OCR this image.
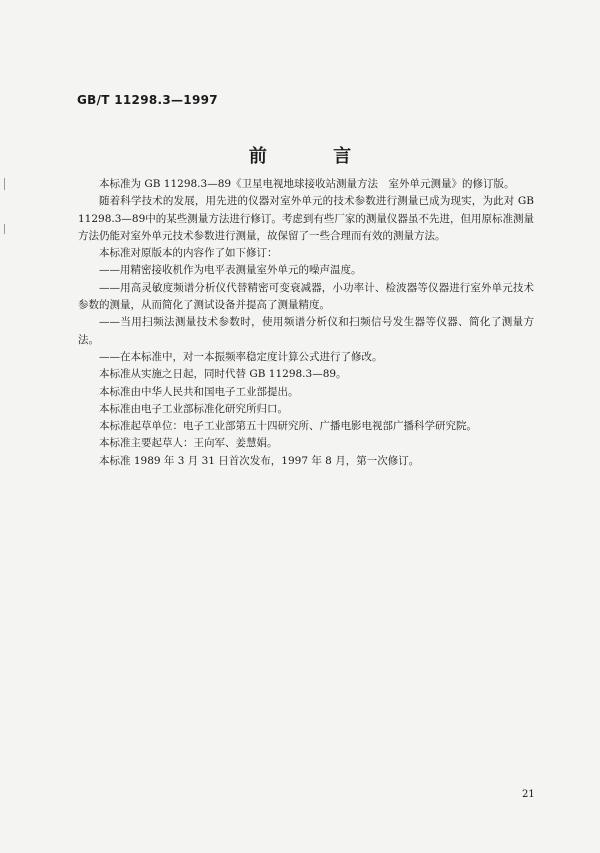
GB/T 11298.3—1997
前 言

本标准为 GB 11298.3—89《卫星电视地球接收站测量方法　室外单元测量》的修订版。

随着科学技术的发展，用先进的仪器对室外单元的技术参数进行测量已成为现实，为此对 GB 11298.3—89中的某些测量方法进行修订。考虑到有些厂家的测量仪器虽不先进，但用原标准测量方法仍能对室外单元技术参数进行测量，故保留了一些合理而有效的测量方法。

本标准对原版本的内容作了如下修订：

——用精密接收机作为电平表测量室外单元的噪声温度。

——用高灵敏度频谱分析仪代替精密可变衰减器，小功率计、检波器等仪器进行室外单元技术参数的测量，从而简化了测试设备并提高了测量精度。

——当用扫频法测量技术参数时，使用频谱分析仪和扫频信号发生器等仪器、简化了测量方法。

——在本标准中，对一本振频率稳定度计算公式进行了修改。

本标准从实施之日起，同时代替 GB 11298.3—89。

本标准由中华人民共和国电子工业部提出。

本标准由电子工业部标准化研究所归口。

本标准起草单位：电子工业部第五十四研究所、广播电影电视部广播科学研究院。

本标准主要起草人：王向军、姜慧娟。

本标准 1989 年 3 月 31 日首次发布，1997 年 8 月，第一次修订。

21
